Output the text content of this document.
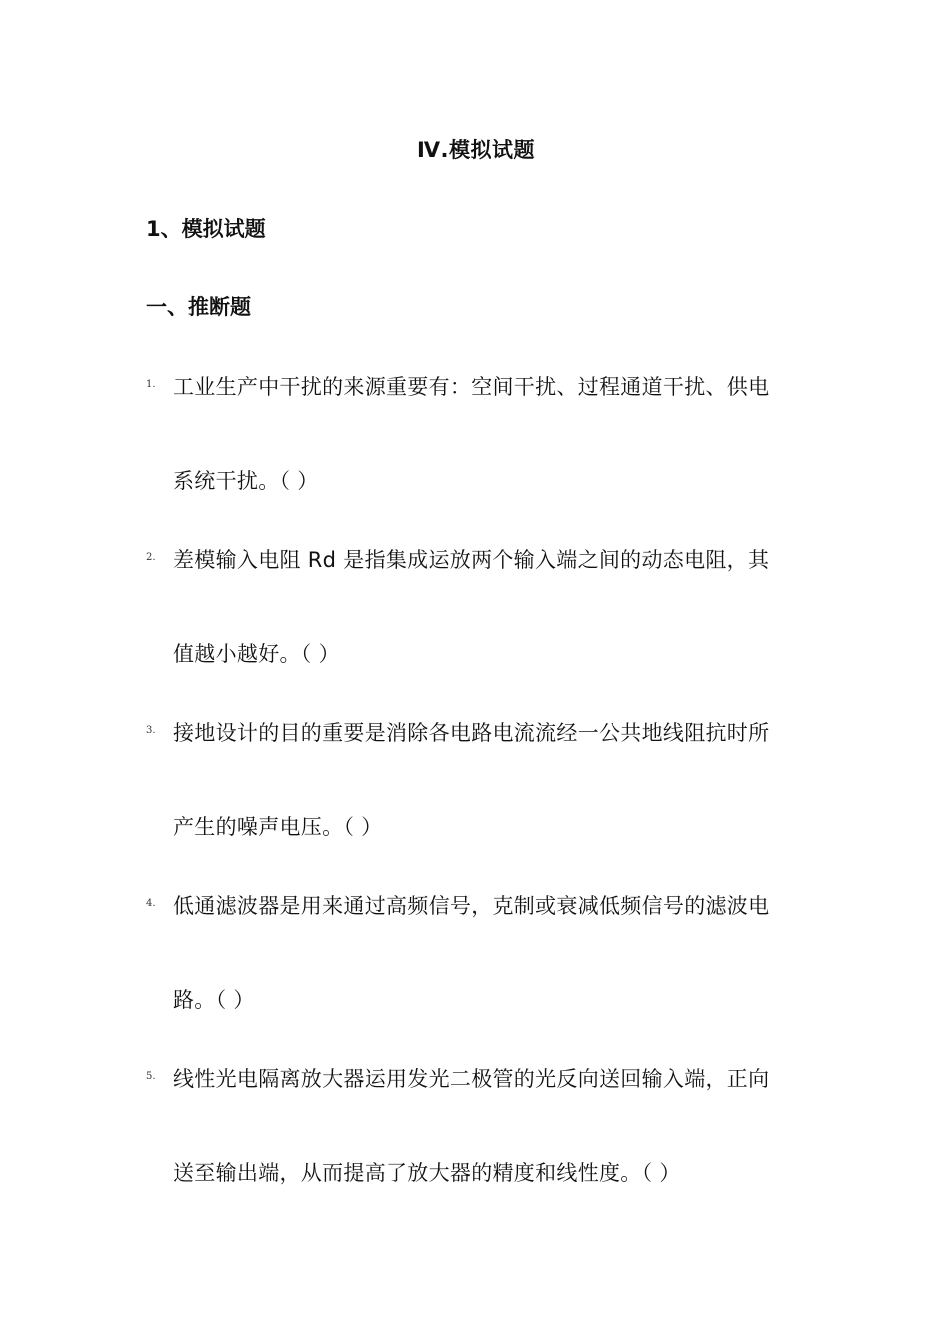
Ⅳ.模拟试题
1、模拟试题
一、推断题
1. 工业生产中干扰的来源重要有：空间干扰、过程通道干扰、供电
系统干扰。（ ）
2. 差模输入电阻 Rd 是指集成运放两个输入端之间的动态电阻，其
值越小越好。（ ）
3. 接地设计的目的重要是消除各电路电流流经一公共地线阻抗时所
产生的噪声电压。（ ）
4. 低通滤波器是用来通过高频信号，克制或衰减低频信号的滤波电
路。（ ）
5. 线性光电隔离放大器运用发光二极管的光反向送回输入端，正向
送至输出端，从而提高了放大器的精度和线性度。（ ）
